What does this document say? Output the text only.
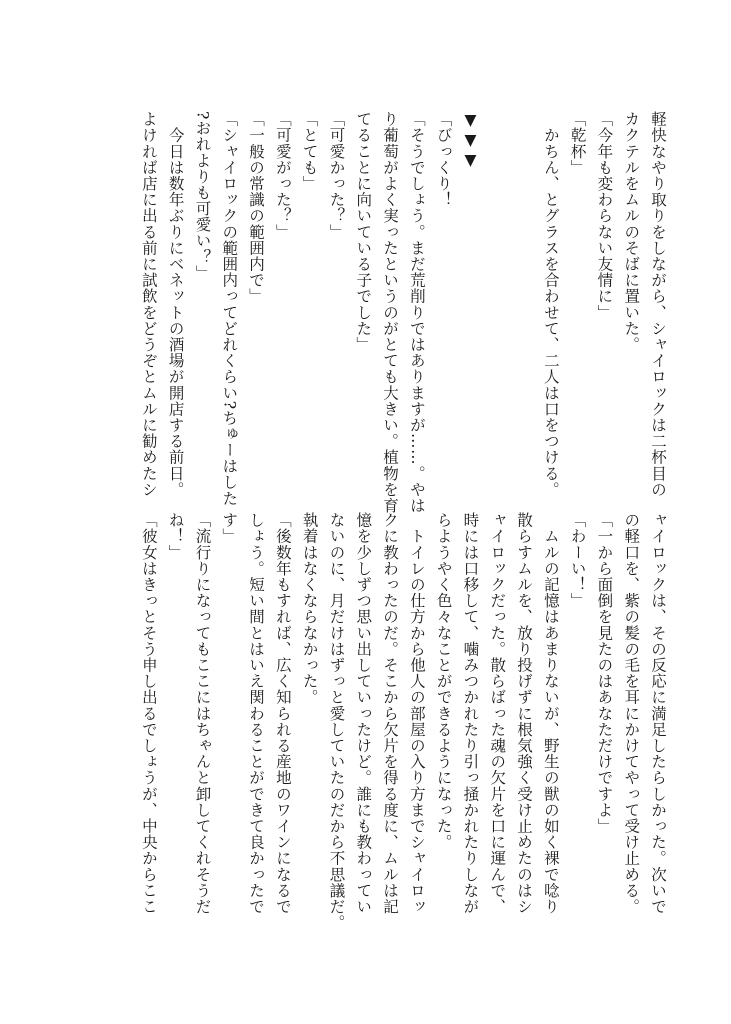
軽快なやり取りをしながら、シャイロックは二杯目の
カクテルをムルのそばに置いた。
「今年も変わらない友情に」
「乾杯」
　かちん、とグラスを合わせて、二人は口をつける。
▼▼▼
「びっくり！
「そうでしょう。まだ荒削りではありますが……。やは
り葡萄がよく実ったというのがとても大きい。植物を育
てることに向いている子でした」
「可愛かった？」
「とても」
「可愛がった？」
「一般の常識の範囲内で」
「シャイロックの範囲内ってどれくらい?ちゅーはした
?おれよりも可愛い？」
　今日は数年ぶりにベネットの酒場が開店する前日。
よければ店に出る前に試飲をどうぞとムルに勧めたシ
ャイロックは、その反応に満足したらしかった。次いで
の軽口を、紫の髪の毛を耳にかけてやって受け止める。
「一から面倒を見たのはあなただけですよ」
「わーい！」
　ムルの記憶はあまりないが、野生の獣の如く裸で唸り
散らすムルを、放り投げずに根気強く受け止めたのはシ
ャイロックだった。散らばった魂の欠片を口に運んで、
時には口移して、噛みつかれたり引っ掻かれたりしなが
らようやく色々なことができるようになった。
　トイレの仕方から他人の部屋の入り方までシャイロッ
クに教わったのだ。そこから欠片を得る度に、ムルは記
憶を少しずつ思い出していったけど。誰にも教わってい
ないのに、月だけはずっと愛していたのだから不思議だ。
執着はなくならなかった。
「後数年もすれば、広く知られる産地のワインになるで
しょう。短い間とはいえ関わることができて良かったで
す」
「流行りになってもここにはちゃんと卸してくれそうだ
ね！」
「彼女はきっとそう申し出るでしょうが、中央からここ
